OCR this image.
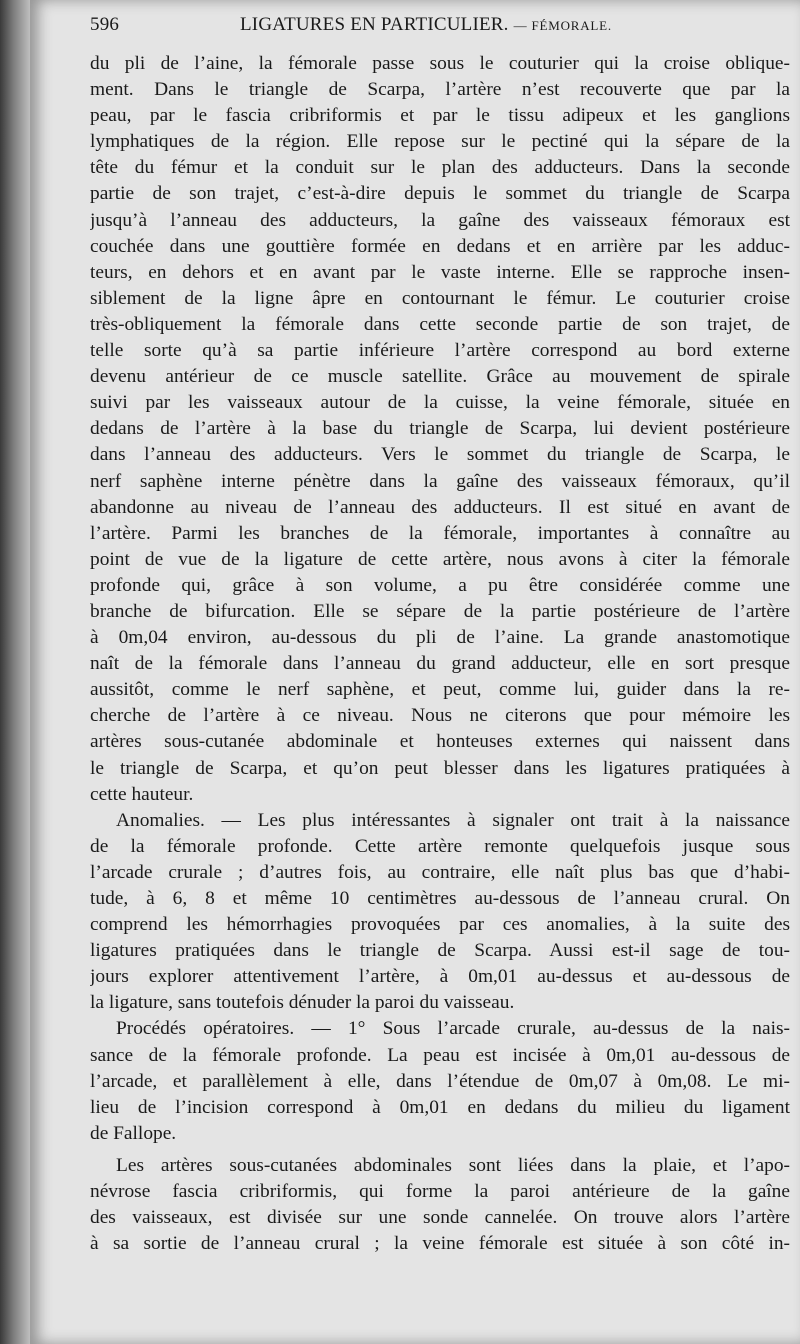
596	LIGATURES EN PARTICULIER. — FÉMORALE.
du pli de l’aine, la fémorale passe sous le couturier qui la croise oblique-
ment. Dans le triangle de Scarpa, l’artère n’est recouverte que par la
peau, par le fascia cribriformis et par le tissu adipeux et les ganglions
lymphatiques de la région. Elle repose sur le pectiné qui la sépare de la
tête du fémur et la conduit sur le plan des adducteurs. Dans la seconde
partie de son trajet, c’est-à-dire depuis le sommet du triangle de Scarpa
jusqu’à l’anneau des adducteurs, la gaîne des vaisseaux fémoraux est
couchée dans une gouttière formée en dedans et en arrière par les adduc-
teurs, en dehors et en avant par le vaste interne. Elle se rapproche insen-
siblement de la ligne âpre en contournant le fémur. Le couturier croise
très-obliquement la fémorale dans cette seconde partie de son trajet, de
telle sorte qu’à sa partie inférieure l’artère correspond au bord externe
devenu antérieur de ce muscle satellite. Grâce au mouvement de spirale
suivi par les vaisseaux autour de la cuisse, la veine fémorale, située en
dedans de l’artère à la base du triangle de Scarpa, lui devient postérieure
dans l’anneau des adducteurs. Vers le sommet du triangle de Scarpa, le
nerf saphène interne pénètre dans la gaîne des vaisseaux fémoraux, qu’il
abandonne au niveau de l’anneau des adducteurs. Il est situé en avant de
l’artère. Parmi les branches de la fémorale, importantes à connaître au
point de vue de la ligature de cette artère, nous avons à citer la fémorale
profonde qui, grâce à son volume, a pu être considérée comme une
branche de bifurcation. Elle se sépare de la partie postérieure de l’artère
à 0m,04 environ, au-dessous du pli de l’aine. La grande anastomotique
naît de la fémorale dans l’anneau du grand adducteur, elle en sort presque
aussitôt, comme le nerf saphène, et peut, comme lui, guider dans la re-
cherche de l’artère à ce niveau. Nous ne citerons que pour mémoire les
artères sous-cutanée abdominale et honteuses externes qui naissent dans
le triangle de Scarpa, et qu’on peut blesser dans les ligatures pratiquées à
cette hauteur.
Anomalies. — Les plus intéressantes à signaler ont trait à la naissance
de la fémorale profonde. Cette artère remonte quelquefois jusque sous
l’arcade crurale ; d’autres fois, au contraire, elle naît plus bas que d’habi-
tude, à 6, 8 et même 10 centimètres au-dessous de l’anneau crural. On
comprend les hémorrhagies provoquées par ces anomalies, à la suite des
ligatures pratiquées dans le triangle de Scarpa. Aussi est-il sage de tou-
jours explorer attentivement l’artère, à 0m,01 au-dessus et au-dessous de
la ligature, sans toutefois dénuder la paroi du vaisseau.
Procédés opératoires. — 1° Sous l’arcade crurale, au-dessus de la nais-
sance de la fémorale profonde. La peau est incisée à 0m,01 au-dessous de
l’arcade, et parallèlement à elle, dans l’étendue de 0m,07 à 0m,08. Le mi-
lieu de l’incision correspond à 0m,01 en dedans du milieu du ligament
de Fallope.
Les artères sous-cutanées abdominales sont liées dans la plaie, et l’apo-
névrose fascia cribriformis, qui forme la paroi antérieure de la gaîne
des vaisseaux, est divisée sur une sonde cannelée. On trouve alors l’artère
à sa sortie de l’anneau crural ; la veine fémorale est située à son côté in-
